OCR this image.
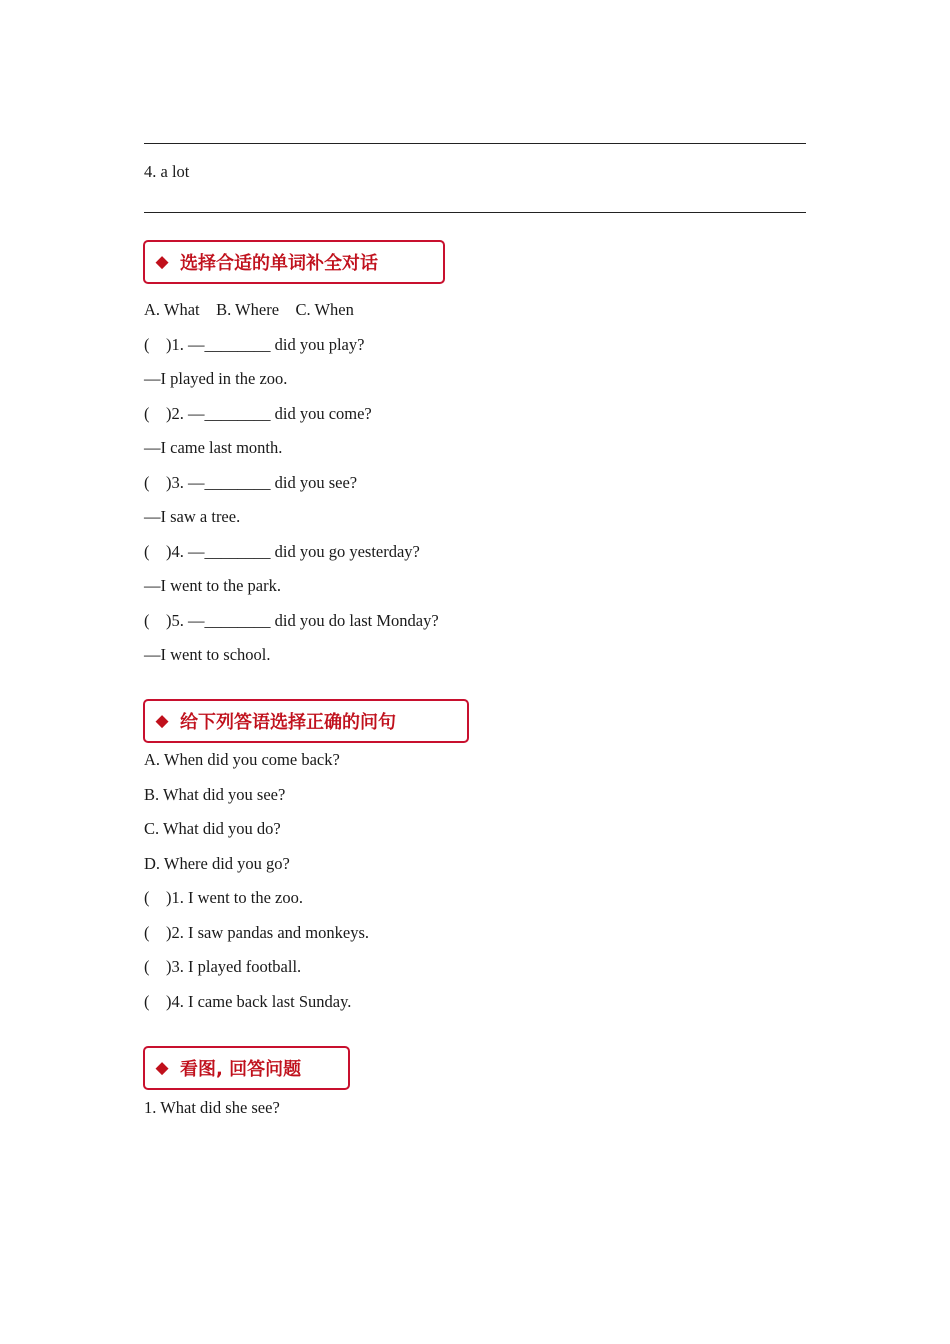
4. a lot
◆ 选择合适的单词补全对话
A. What    B. Where    C. When
(    )1. —________ did you play?
—I played in the zoo.
(    )2. —________ did you come?
—I came last month.
(    )3. —________ did you see?
—I saw a tree.
(    )4. —________ did you go yesterday?
—I went to the park.
(    )5. —________ did you do last Monday?
—I went to school.
◆ 给下列答语选择正确的问句
A. When did you come back?
B. What did you see?
C. What did you do?
D. Where did you go?
(    )1. I went to the zoo.
(    )2. I saw pandas and monkeys.
(    )3. I played football.
(    )4. I came back last Sunday.
◆ 看图, 回答问题
1. What did she see?
